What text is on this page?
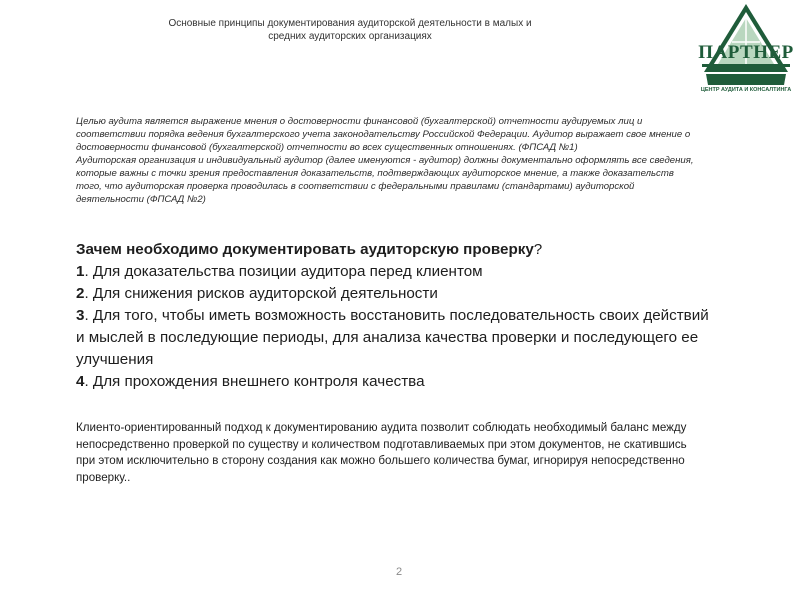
Основные принципы документирования аудиторской деятельности в малых и
средних аудиторских организациях
ПАРТНЕР
ЦЕНТР АУДИТА И КОНСАЛТИНГА

Целью аудита является выражение мнения о достоверности финансовой (бухгалтерской) отчетности аудируемых лиц и соответствии порядка ведения бухгалтерского учета законодательству Российской Федерации. Аудитор выражает свое мнение о достоверности финансовой (бухгалтерской) отчетности во всех существенных отношениях. (ФПСАД №1)

Аудиторская организация и индивидуальный аудитор (далее именуются - аудитор) должны документально оформлять все сведения, которые важны с точки зрения предоставления доказательств, подтверждающих аудиторское мнение, а также доказательств того, что аудиторская проверка проводилась в соответствии с федеральными правилами (стандартами) аудиторской деятельности (ФПСАД №2)

Зачем необходимо документировать аудиторскую проверку?

1. Для доказательства позиции аудитора перед клиентом

2. Для снижения рисков аудиторской деятельности

3. Для того, чтобы иметь возможность восстановить последовательность своих действий и мыслей в последующие периоды, для анализа качества проверки и последующего ее улучшения

4. Для прохождения внешнего контроля качества

Клиенто-ориентированный подход к документированию аудита позволит соблюдать необходимый баланс между непосредственно проверкой по существу и количеством подготавливаемых при этом документов, не скатившись при этом исключительно в сторону создания как можно большего количества бумаг, игнорируя непосредственно проверку..
2
